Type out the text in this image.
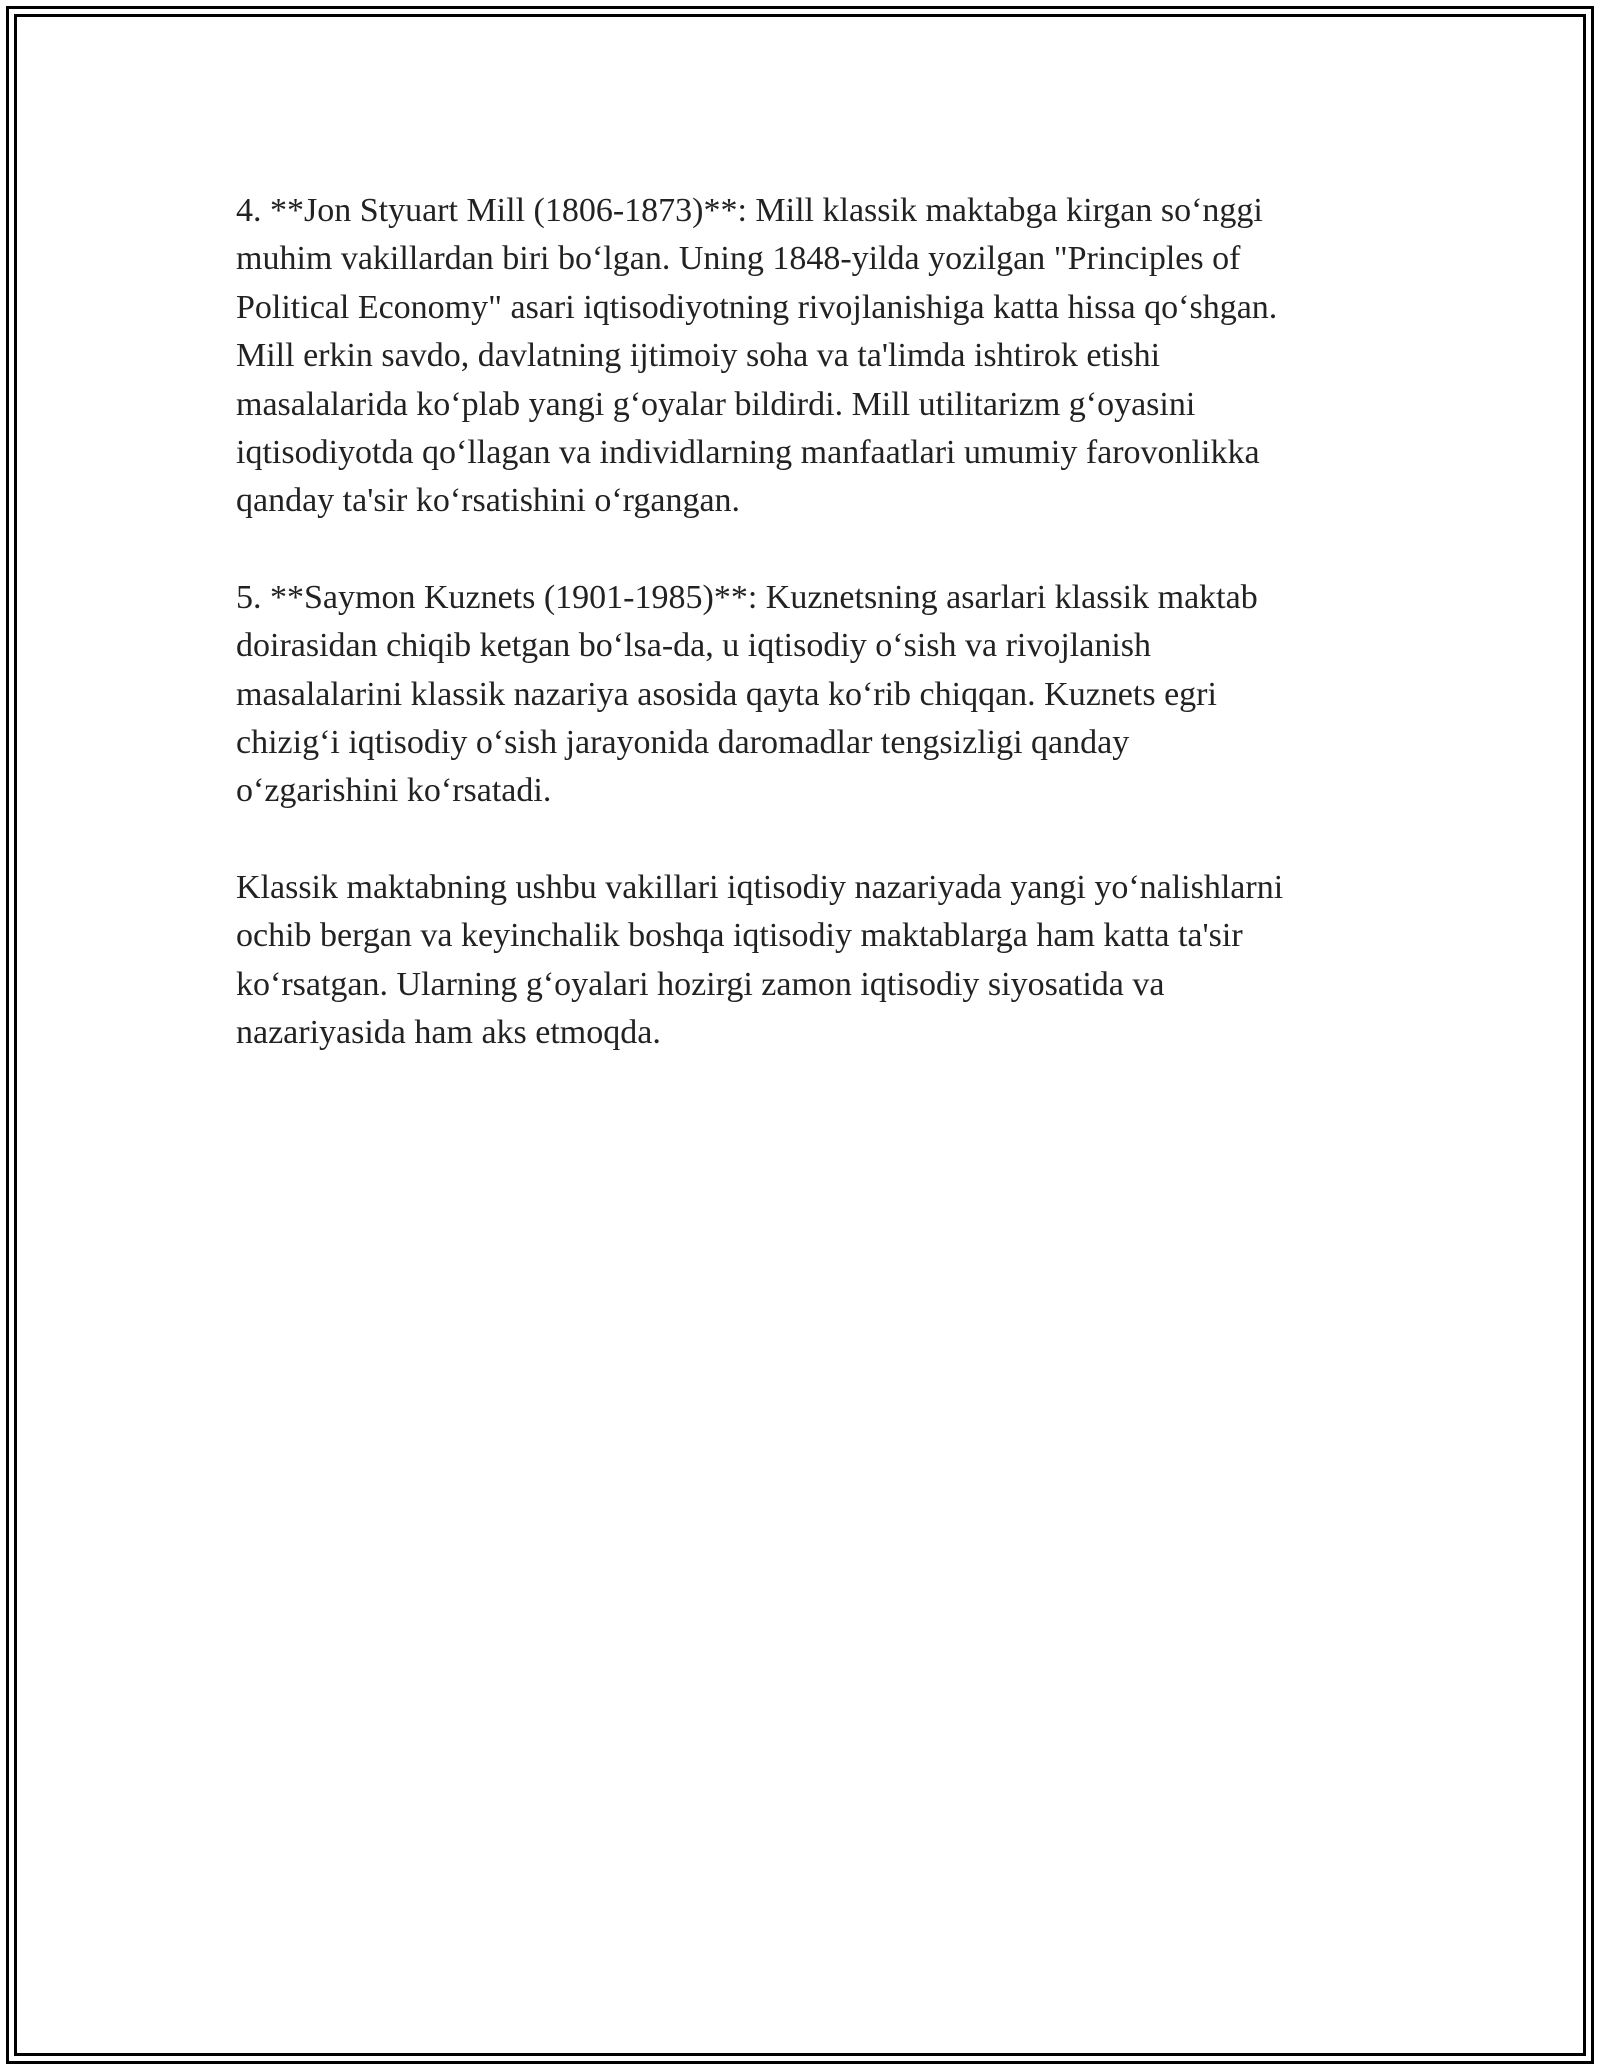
4. **Jon Styuart Mill (1806-1873)**: Mill klassik maktabga kirgan so‘nggi
muhim vakillardan biri bo‘lgan. Uning 1848-yilda yozilgan "Principles of
Political Economy" asari iqtisodiyotning rivojlanishiga katta hissa qo‘shgan.
Mill erkin savdo, davlatning ijtimoiy soha va ta'limda ishtirok etishi
masalalarida ko‘plab yangi g‘oyalar bildirdi. Mill utilitarizm g‘oyasini
iqtisodiyotda qo‘llagan va individlarning manfaatlari umumiy farovonlikka
qanday ta'sir ko‘rsatishini o‘rgangan.

5. **Saymon Kuznets (1901-1985)**: Kuznetsning asarlari klassik maktab
doirasidan chiqib ketgan bo‘lsa-da, u iqtisodiy o‘sish va rivojlanish
masalalarini klassik nazariya asosida qayta ko‘rib chiqqan. Kuznets egri
chizig‘i iqtisodiy o‘sish jarayonida daromadlar tengsizligi qanday
o‘zgarishini ko‘rsatadi.

Klassik maktabning ushbu vakillari iqtisodiy nazariyada yangi yo‘nalishlarni
ochib bergan va keyinchalik boshqa iqtisodiy maktablarga ham katta ta'sir
ko‘rsatgan. Ularning g‘oyalari hozirgi zamon iqtisodiy siyosatida va
nazariyasida ham aks etmoqda.
